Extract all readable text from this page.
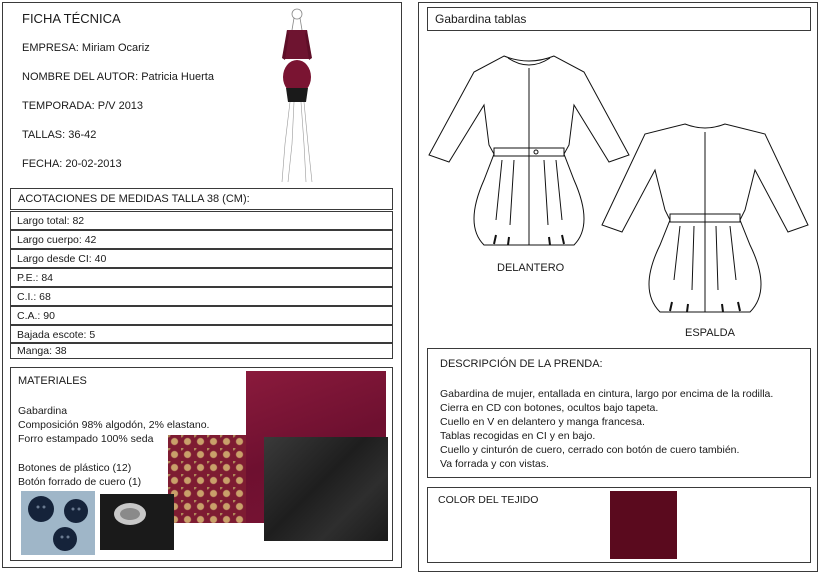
FICHA TÉCNICA
EMPRESA: Miriam Ocariz
NOMBRE DEL AUTOR: Patricia Huerta
TEMPORADA: P/V 2013
TALLAS: 36-42
FECHA: 20-02-2013
ACOTACIONES DE MEDIDAS TALLA 38 (CM):
Largo total: 82
Largo cuerpo: 42
Largo desde CI: 40
P.E.: 84
C.I.: 68
C.A.: 90
Bajada escote: 5
Manga: 38
MATERIALES
Gabardina
Composición 98% algodón, 2% elastano.
Forro estampado 100% seda
Botones de plástico (12)
Botón forrado de cuero (1)
Gabardina tablas
DELANTERO
ESPALDA
DESCRIPCIÓN DE LA PRENDA:
Gabardina de mujer, entallada en cintura, largo por encima de la rodilla.
Cierra en CD con botones, ocultos bajo tapeta.
Cuello en V en delantero y manga francesa.
Tablas recogidas en CI y en bajo.
Cuello y cinturón de cuero, cerrado con botón de cuero también.
Va forrada y con vistas.
COLOR DEL TEJIDO
